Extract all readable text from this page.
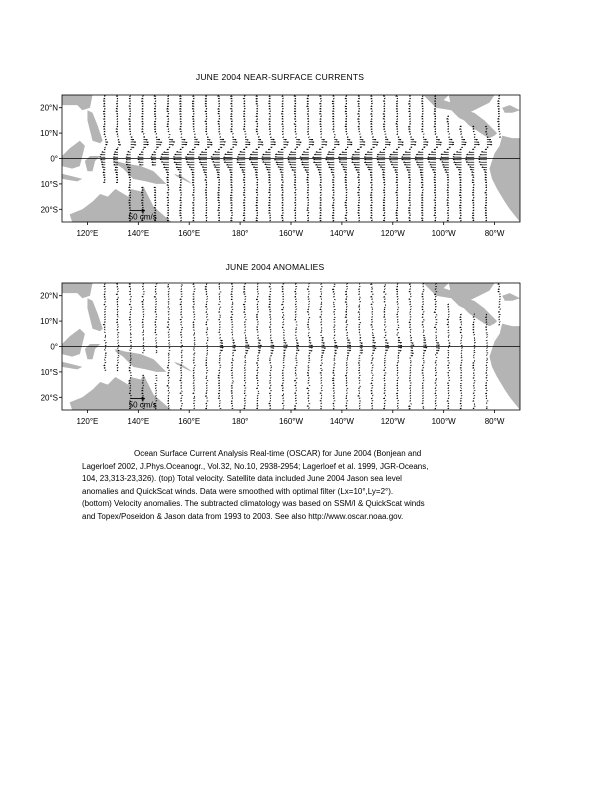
JUNE 2004 NEAR-SURFACE CURRENTS
JUNE 2004 ANOMALIES
50 cm/s
20°N
10°N
0°
10°S
20°S
120°E	140°E	160°E	180°	160°W	140°W	120°W	100°W	80°W
50 cm/s
20°N
10°N
0°
10°S
20°S
120°E	140°E	160°E	180°	160°W	140°W	120°W	100°W	80°W
Ocean Surface Current Analysis Real-time (OSCAR) for June 2004 (Bonjean and
Lagerloef 2002, J.Phys.Oceanogr., Vol.32, No.10, 2938-2954; Lagerloef et al. 1999, JGR-Oceans,
104, 23,313-23,326). (top) Total velocity. Satellite data included June 2004 Jason sea level
anomalies and QuickScat winds. Data were smoothed with optimal filter (Lx=10°,Ly=2°).
(bottom) Velocity anomalies. The subtracted climatology was based on SSM/I & QuickScat winds
and Topex/Poseidon & Jason data from 1993 to 2003. See also http://www.oscar.noaa.gov.
